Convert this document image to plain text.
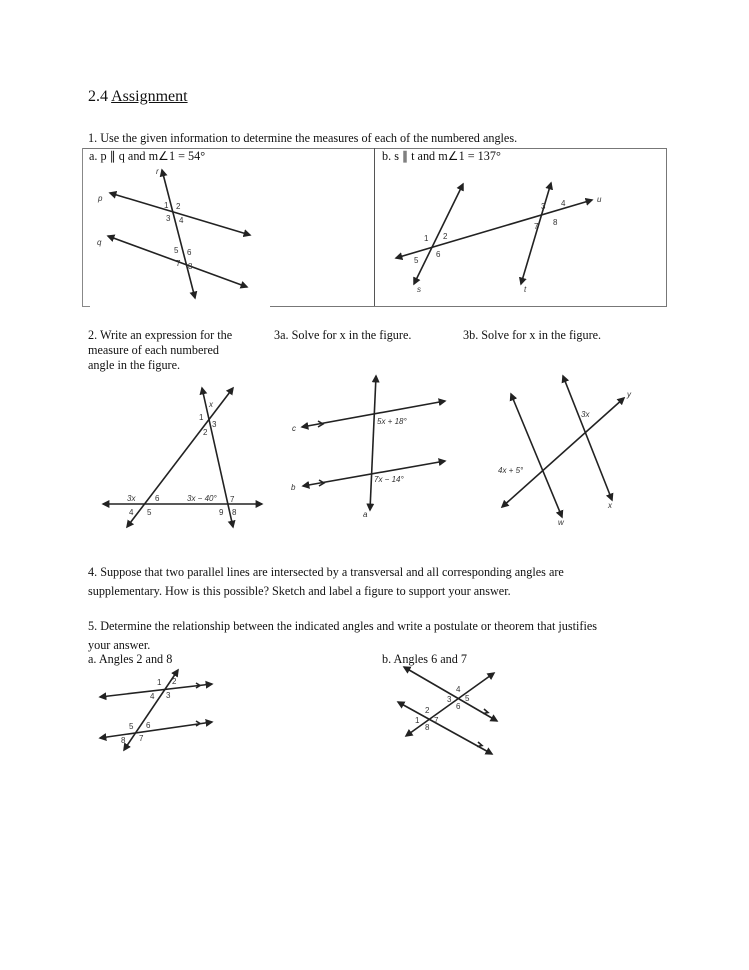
2.4 Assignment
1. Use the given information to determine the measures of each of the numbered angles.
a. p ∥ q and m∠1 = 54°	b. s ∥ t and m∠1 = 137°
r
p
q
1 2
3 4
5 6
7 8
s	t
u
1 2
3 4
5
6
7 8
x
1
3
2
3x 6	3x − 40° 7
4 5	9 8
c
b
a
5x + 18°
7x − 14°
w
x
y
3x
4x + 5°
1 2
4 3
5 6
8 7
4
3 5
6
2
1 7
8
2. Write an expression for the
measure of each numbered
angle in the figure.
3a. Solve for x in the figure.	3b. Solve for x in the figure.
4. Suppose that two parallel lines are intersected by a transversal and all corresponding angles are
supplementary. How is this possible? Sketch and label a figure to support your answer.
5. Determine the relationship between the indicated angles and write a postulate or theorem that justifies
your answer.
a. Angles 2 and 8	b. Angles 6 and 7
